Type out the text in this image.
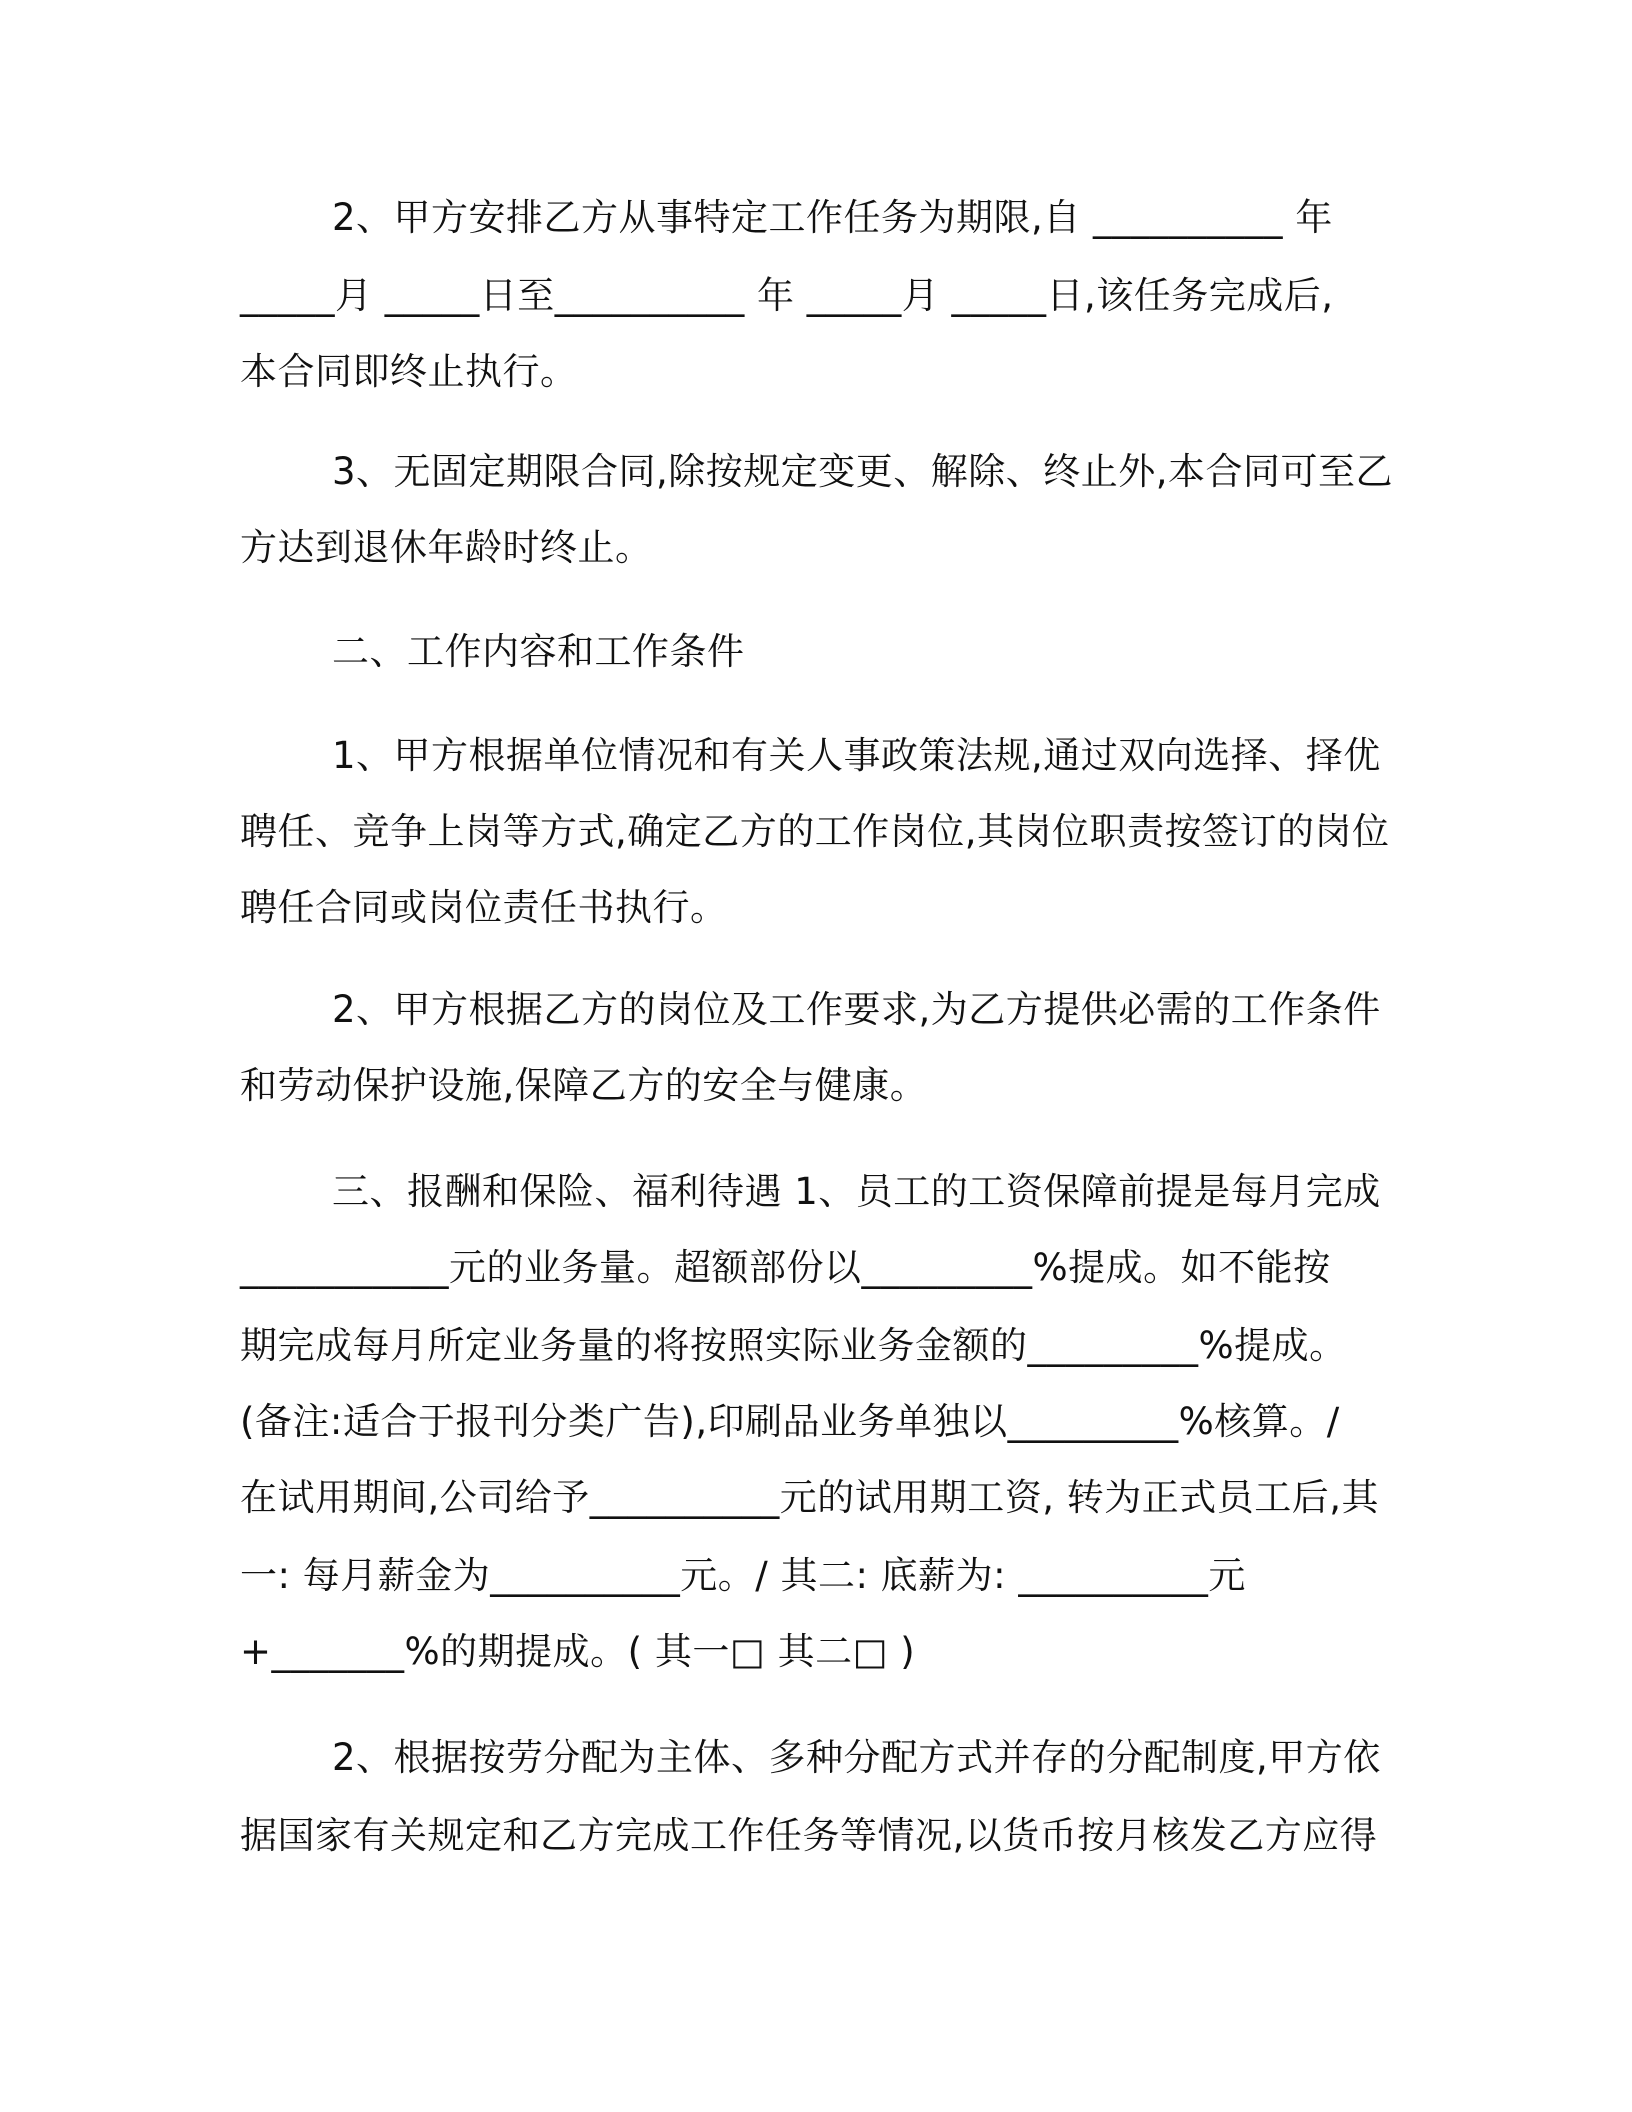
2、甲方安排乙方从事特定工作任务为期限,自 __________ 年
_____月 _____日至__________ 年 _____月 _____日,该任务完成后,
本合同即终止执行。
3、无固定期限合同,除按规定变更、解除、终止外,本合同可至乙
方达到退休年龄时终止。
二、工作内容和工作条件
1、甲方根据单位情况和有关人事政策法规,通过双向选择、择优
聘任、竞争上岗等方式,确定乙方的工作岗位,其岗位职责按签订的岗位
聘任合同或岗位责任书执行。
2、甲方根据乙方的岗位及工作要求,为乙方提供必需的工作条件
和劳动保护设施,保障乙方的安全与健康。
三、报酬和保险、福利待遇 1、员工的工资保障前提是每月完成
___________元的业务量。超额部份以_________%提成。如不能按
期完成每月所定业务量的将按照实际业务金额的_________%提成。
(备注:适合于报刊分类广告),印刷品业务单独以_________%核算。/
在试用期间,公司给予__________元的试用期工资, 转为正式员工后,其
一: 每月薪金为__________元。/ 其二: 底薪为: __________元
+_______%的期提成。( 其一□ 其二□ )
2、根据按劳分配为主体、多种分配方式并存的分配制度,甲方依
据国家有关规定和乙方完成工作任务等情况,以货币按月核发乙方应得
